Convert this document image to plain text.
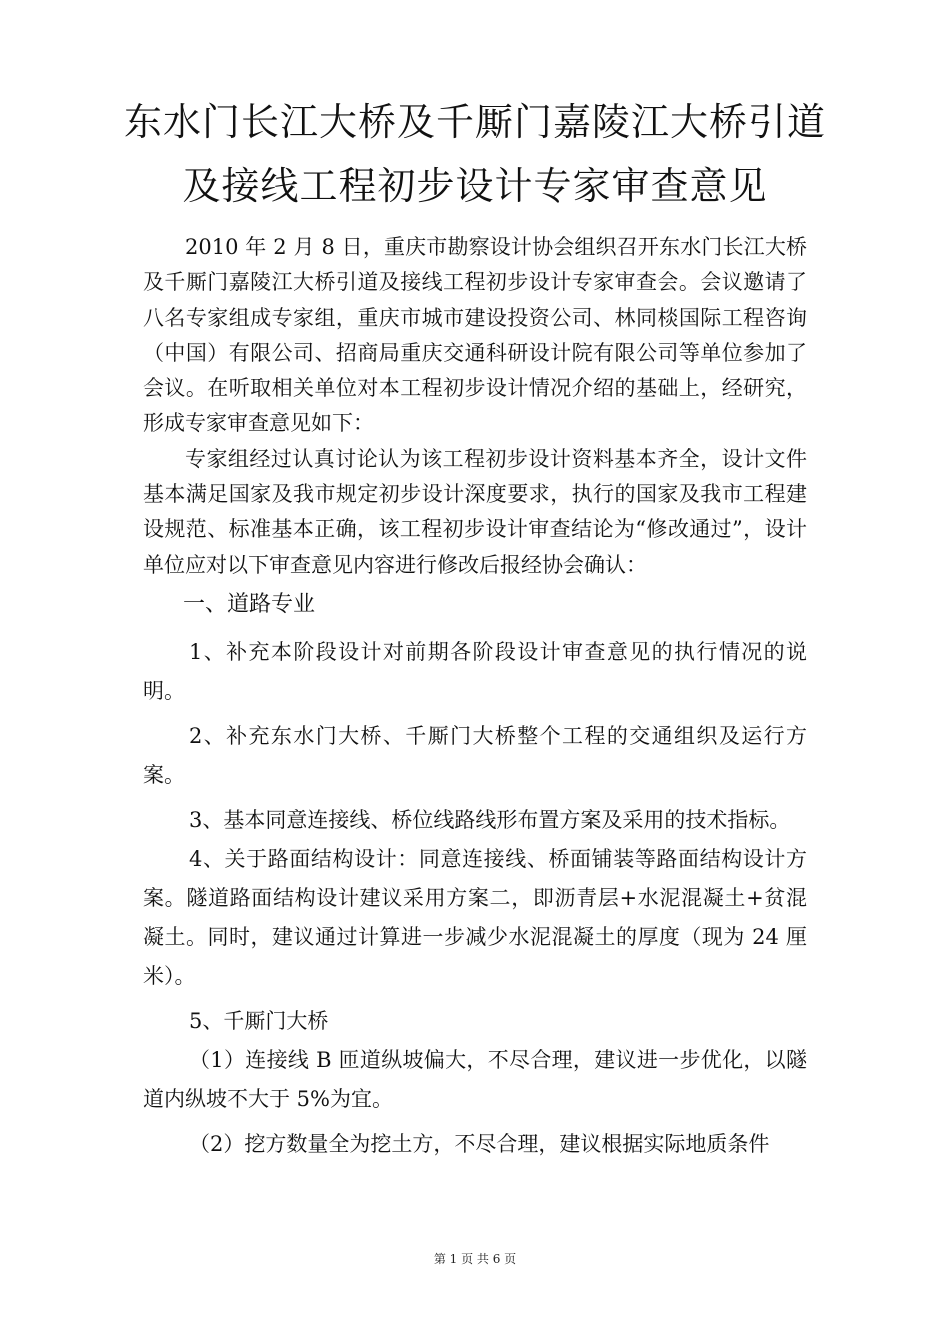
东水门长江大桥及千厮门嘉陵江大桥引道
及接线工程初步设计专家审查意见

2010 年 2 月 8 日，重庆市勘察设计协会组织召开东水门长江大桥及千厮门嘉陵江大桥引道及接线工程初步设计专家审查会。会议邀请了八名专家组成专家组，重庆市城市建设投资公司、林同棪国际工程咨询（中国）有限公司、招商局重庆交通科研设计院有限公司等单位参加了会议。在听取相关单位对本工程初步设计情况介绍的基础上，经研究，形成专家审查意见如下：

专家组经过认真讨论认为该工程初步设计资料基本齐全，设计文件基本满足国家及我市规定初步设计深度要求，执行的国家及我市工程建设规范、标准基本正确，该工程初步设计审查结论为“修改通过”，设计单位应对以下审查意见内容进行修改后报经协会确认：

一、道路专业

1、补充本阶段设计对前期各阶段设计审查意见的执行情况的说明。

2、补充东水门大桥、千厮门大桥整个工程的交通组织及运行方案。

3、基本同意连接线、桥位线路线形布置方案及采用的技术指标。

4、关于路面结构设计：同意连接线、桥面铺装等路面结构设计方案。隧道路面结构设计建议采用方案二，即沥青层+水泥混凝土+贫混凝土。同时，建议通过计算进一步减少水泥混凝土的厚度（现为 24 厘米）。

5、千厮门大桥

（1）连接线 B 匝道纵坡偏大，不尽合理，建议进一步优化，以隧道内纵坡不大于 5%为宜。

（2）挖方数量全为挖土方，不尽合理，建议根据实际地质条件

第 1 页 共 6 页
